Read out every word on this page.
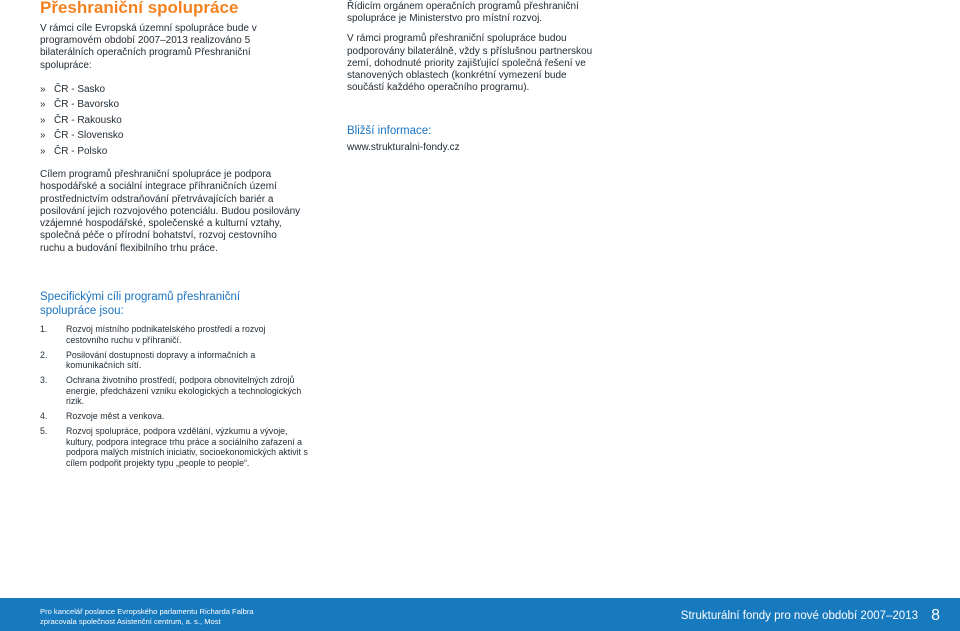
Přeshraniční spolupráce

V rámci cíle Evropská územní spolupráce bude v programovém období 2007–2013 realizováno 5 bilaterálních operačních programů Přeshraniční spolupráce:

» ČR - Sasko
» ČR - Bavorsko
» ČR - Rakousko
» ČR - Slovensko
» ČR - Polsko

Cílem programů přeshraniční spolupráce je podpora hospodářské a sociální integrace příhraničních území prostřednictvím odstraňování přetrvávajících bariér a posilování jejich rozvojového potenciálu. Budou posilovány vzájemné hospodářské, společenské a kulturní vztahy, společná péče o přírodní bohatství, rozvoj cestovního ruchu a budování flexibilního trhu práce.

Specifickými cíli programů přeshraniční spolupráce jsou:
1.	Rozvoj místního podnikatelského prostředí a rozvoj cestovního ruchu v příhraničí.
2.	Posilování dostupnosti dopravy a informačních a komunikačních sítí.
3.	Ochrana životního prostředí, podpora obnovitelných zdrojů energie, předcházení vzniku ekologických a technologických rizik.
4.	Rozvoje měst a venkova.
5.	Rozvoj spolupráce, podpora vzdělání, výzkumu a vývoje, kultury, podpora integrace trhu práce a sociálního zařazení a podpora malých místních iniciativ, socioekonomických aktivit s cílem podpořit projekty typu „people to people“.

Řídicím orgánem operačních programů přeshraniční spolupráce je Ministerstvo pro místní rozvoj.

V rámci programů přeshraniční spolupráce budou podporovány bilaterálně, vždy s příslušnou partnerskou zemí, dohodnuté priority zajišťující společná řešení ve stanovených oblastech (konkrétní vymezení bude součástí každého operačního programu).

Bližší informace:
www.strukturalni-fondy.cz
Pro kancelář poslance Evropského parlamentu Richarda Falbra
zpracovala společnost Asistenční centrum, a. s., Most	Strukturální fondy pro nové období 2007–2013 8
